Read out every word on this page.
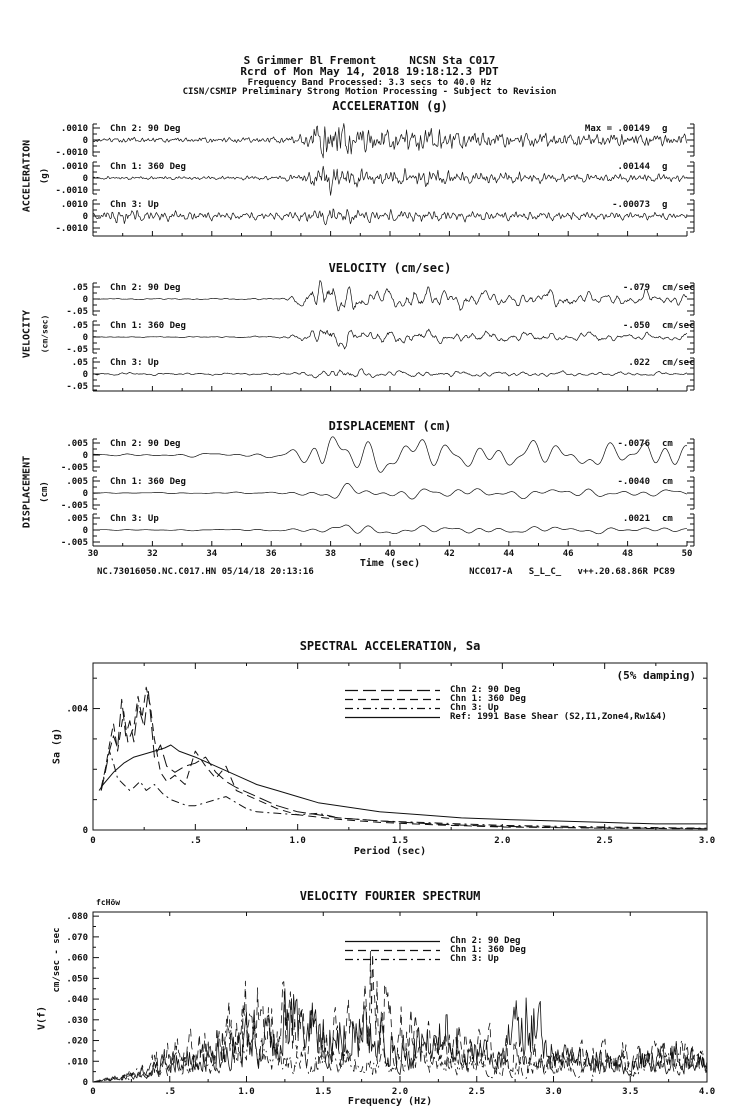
.0010
0
-.0010
Chn 2: 90 Deg	Max = .00149 g
.0010
0
-.0010
Chn 1: 360 Deg	.00144 g
.0010
0
-.0010
Chn 3: Up	-.00073 g
.05
0
-.05
Chn 2: 90 Deg	-.079 cm/sec
.05
0
-.05
Chn 1: 360 Deg	-.050 cm/sec
.05
0
-.05
Chn 3: Up	.022 cm/sec
30	32	34	36	38	40	42	44	46	48	50
.005
0
-.005
Chn 2: 90 Deg	-.0076 cm
.005
0
-.005
Chn 1: 360 Deg	-.0040 cm
.005
0
-.005
Chn 3: Up	.0021 cm
0	.5	1.0	1.5	2.0	2.5	3.0
.004
0
0	.5	1.0	1.5	2.0	2.5	3.0	3.5	4.0
.080
.070
.060
.050
.040
.030
.020
.010
0
S Grimmer Bl Fremont     NCSN Sta C017
Rcrd of Mon May 14, 2018 19:18:12.3 PDT
Frequency Band Processed: 3.3 secs to 40.0 Hz
CISN/CSMIP Preliminary Strong Motion Processing - Subject to Revision
ACCELERATION (g)
VELOCITY (cm/sec)
DISPLACEMENT (cm)
ACCELERATION (g)
VELOCITY (cm/sec)
DISPLACEMENT (cm)
Time (sec)
NC.73016050.NC.C017.HN 05/14/18 20:13:16	NCC017-A   S_L_C_   v++.20.68.86R PC89
SPECTRAL ACCELERATION, Sa
(5% damping)
Sa (g)
Period (sec)
Chn 2: 90 Deg
Chn 1: 360 Deg
Chn 3: Up
Ref: 1991 Base Shear (S2,I1,Zone4,Rw1&4)
VELOCITY FOURIER SPECTRUM
fcHöw
cm/sec - sec
V(f)
Frequency (Hz)
Chn 2: 90 Deg
Chn 1: 360 Deg
Chn 3: Up
